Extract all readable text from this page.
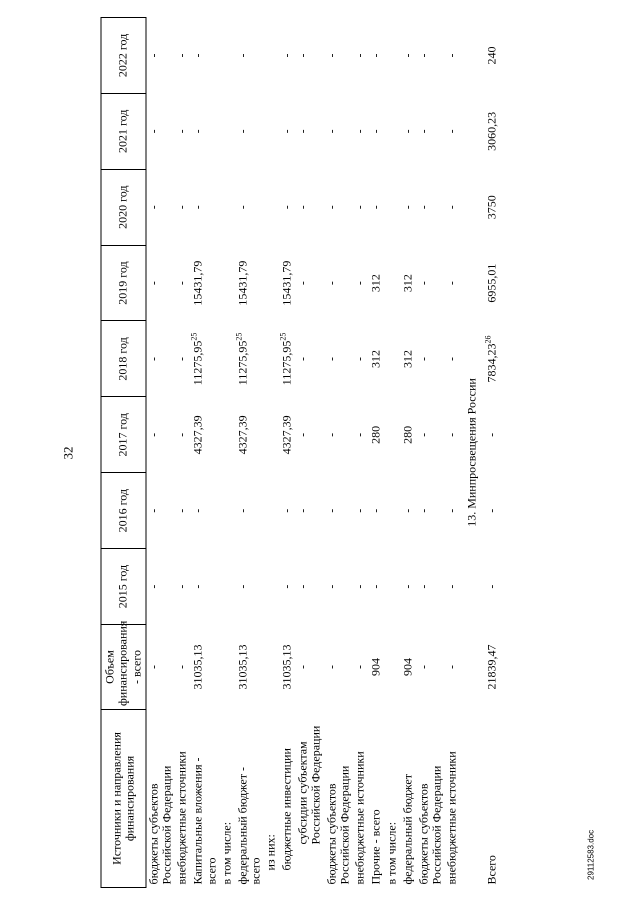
32
Источники и направления финансирования	Объем финансирования - всего	2015 год	2016 год	2017 год	2018 год	2019 год	2020 год	2021 год	2022 год

бюджеты субъектов Российской Федерации	-	-	-	-	-	-	-	-	-

внебюджетные источники	-	-	-	-	-	-	-	-	-

Капитальные вложения - всего	31035,13	-	-	4327,39	11275,95$^{25}$	15431,79	-	-	-

в том числе:									

федеральный бюджет - всего	31035,13	-	-	4327,39	11275,95$^{25}$	15431,79	-	-	-

из них:									

бюджетные инвестиции	31035,13	-	-	4327,39	11275,95$^{25}$	15431,79	-	-	-

субсидии субъектам Российской Федерации	-	-	-	-	-	-	-	-	-

бюджеты субъектов Российской Федерации	-	-	-	-	-	-	-	-	-

внебюджетные источники	-	-	-	-	-	-	-	-	-

Прочие - всего	904	-	-	280	312	312	-	-	-

в том числе:									

федеральный бюджет	904	-	-	280	312	312	-	-	-

бюджеты субъектов Российской Федерации	-	-	-	-	-	-	-	-	-

внебюджетные источники	-	-	-	-	-	-	-	-	-
13. Минпросвещения России									

Всего	21839,47	-	-	-	7834,23$^{26}$	6955,01	3750	3060,23	240
29112583.doc
